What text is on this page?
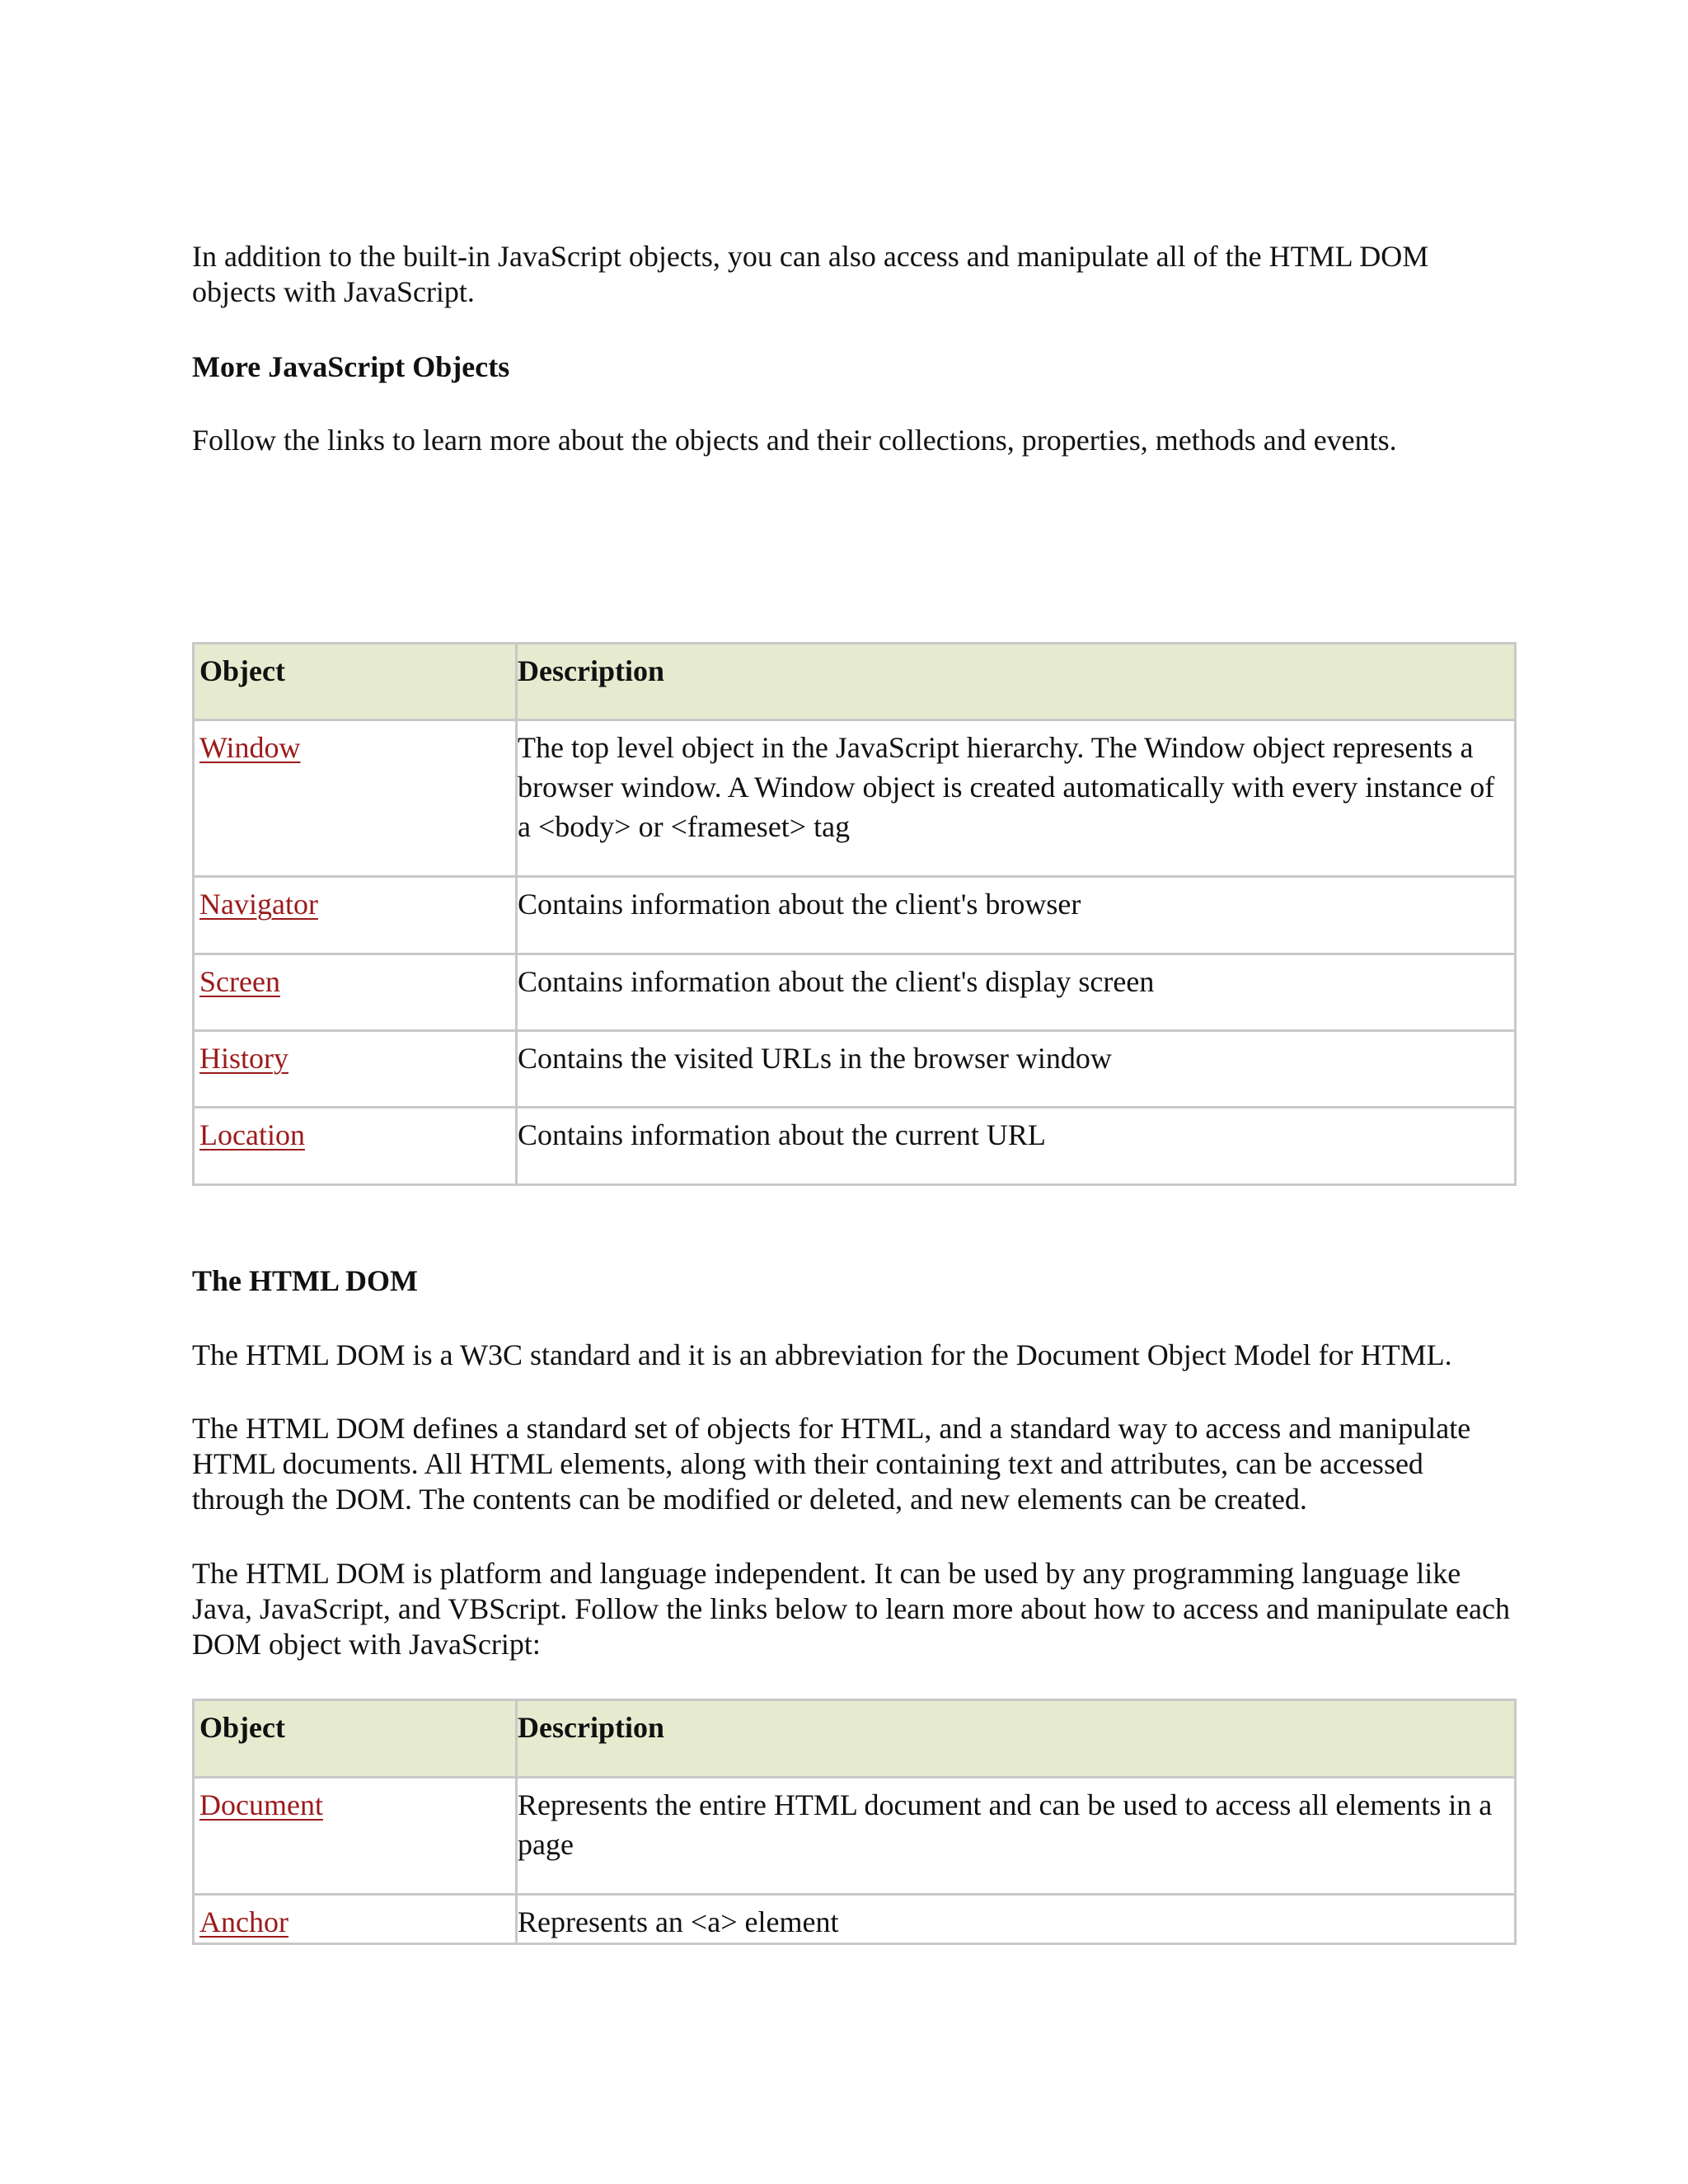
In addition to the built-in JavaScript objects, you can also access and manipulate all of the HTML DOM objects with JavaScript.

More JavaScript Objects

Follow the links to learn more about the objects and their collections, properties, methods and events.

Object	Description
Window	The top level object in the JavaScript hierarchy. The Window object represents a browser window. A Window object is created automatically with every instance of a <body> or <frameset> tag
Navigator	Contains information about the client's browser
Screen	Contains information about the client's display screen
History	Contains the visited URLs in the browser window
Location	Contains information about the current URL

The HTML DOM

The HTML DOM is a W3C standard and it is an abbreviation for the Document Object Model for HTML.

The HTML DOM defines a standard set of objects for HTML, and a standard way to access and manipulate HTML documents. All HTML elements, along with their containing text and attributes, can be accessed through the DOM. The contents can be modified or deleted, and new elements can be created.

The HTML DOM is platform and language independent. It can be used by any programming language like Java, JavaScript, and VBScript. Follow the links below to learn more about how to access and manipulate each DOM object with JavaScript:

Object	Description
Document	Represents the entire HTML document and can be used to access all elements in a page
Anchor	Represents an <a> element
